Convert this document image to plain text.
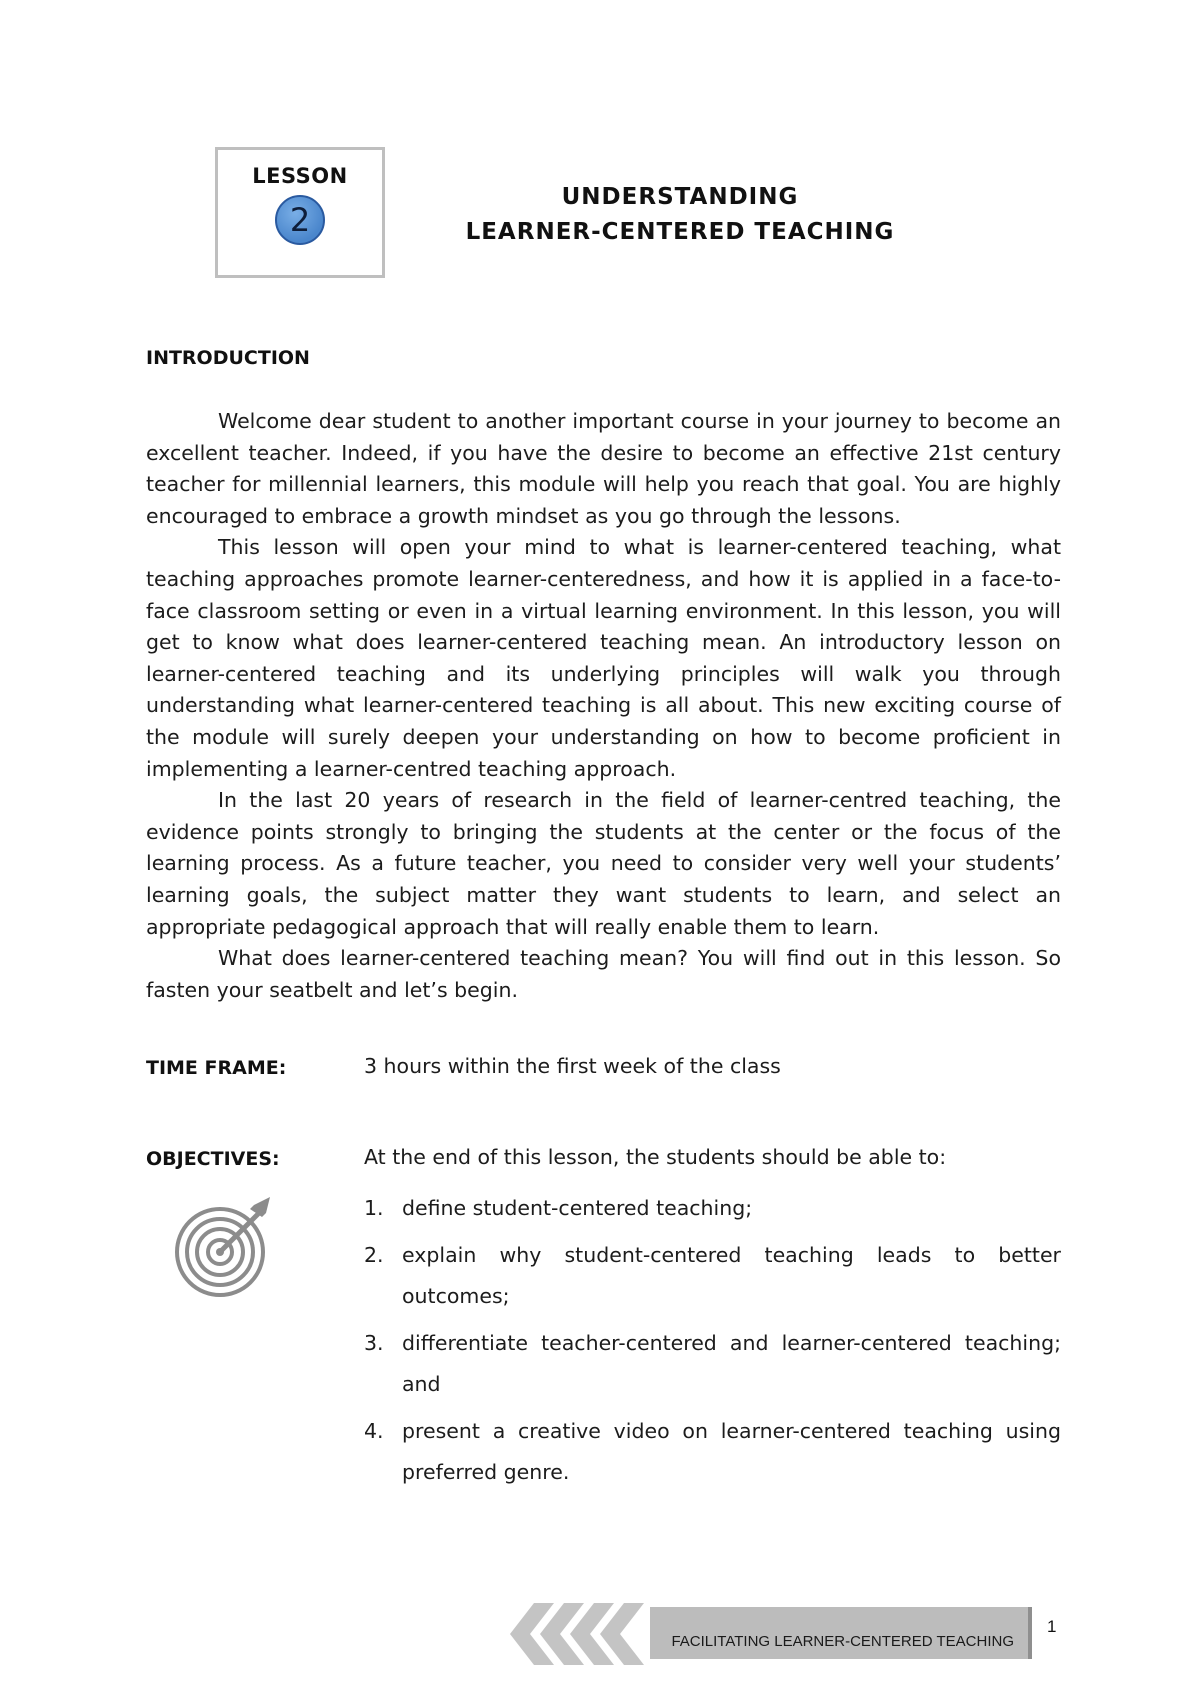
LESSON
2
UNDERSTANDING
LEARNER-CENTERED TEACHING
INTRODUCTION

Welcome dear student to another important course in your journey to become an excellent teacher. Indeed, if you have the desire to become an effective 21st century teacher for millennial learners, this module will help you reach that goal. You are highly encouraged to embrace a growth mindset as you go through the lessons.

This lesson will open your mind to what is learner-centered teaching, what teaching approaches promote learner-centeredness, and how it is applied in a face-to-face classroom setting or even in a virtual learning environment. In this lesson, you will get to know what does learner-centered teaching mean. An introductory lesson on learner-centered teaching and its underlying principles will walk you through understanding what learner-centered teaching is all about. This new exciting course of the module will surely deepen your understanding on how to become proficient in implementing a learner-centred teaching approach.

In the last 20 years of research in the field of learner-centred teaching, the evidence points strongly to bringing the students at the center or the focus of the learning process. As a future teacher, you need to consider very well your students’ learning goals, the subject matter they want students to learn, and select an appropriate pedagogical approach that will really enable them to learn.

What does learner-centered teaching mean? You will find out in this lesson. So fasten your seatbelt and let’s begin.

TIME FRAME:	3 hours within the first week of the class
OBJECTIVES:	At the end of this lesson, the students should be able to:
1. define student-centered teaching;
2. explain why student-centered teaching leads to better outcomes;
3. differentiate teacher-centered and learner-centered teaching; and
4. present a creative video on learner-centered teaching using preferred genre.
FACILITATING LEARNER-CENTERED TEACHING
1
